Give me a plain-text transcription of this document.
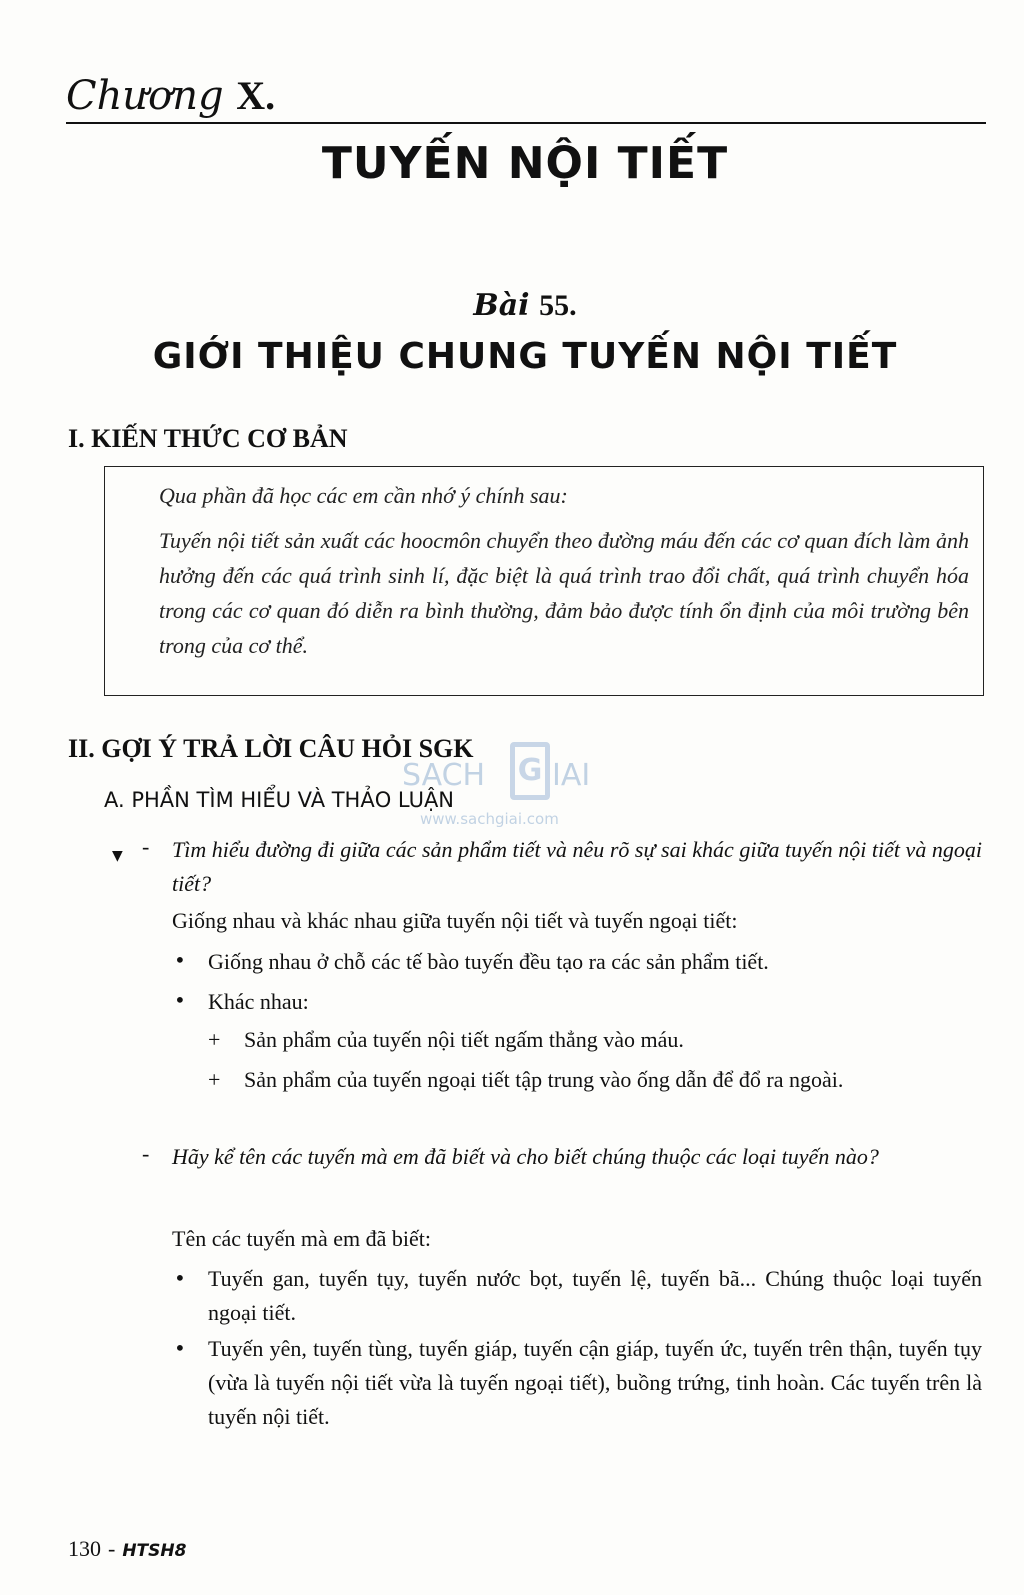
Chương X.
TUYẾN NỘI TIẾT
Bài 55.
GIỚI THIỆU CHUNG TUYẾN NỘI TIẾT
I. KIẾN THỨC CƠ BẢN

Qua phần đã học các em cần nhớ ý chính sau:

Tuyến nội tiết sản xuất các hoocmôn chuyển theo đường máu đến các cơ quan đích làm ảnh hưởng đến các quá trình sinh lí, đặc biệt là quá trình trao đổi chất, quá trình chuyển hóa trong các cơ quan đó diễn ra bình thường, đảm bảo được tính ổn định của môi trường bên trong của cơ thể.

II. GỢI Ý TRẢ LỜI CÂU HỎI SGK
A. PHẦN TÌM HIỂU VÀ THẢO LUẬN
SACH G IAI
www.sachgiai.com
▼ - Tìm hiểu đường đi giữa các sản phẩm tiết và nêu rõ sự sai khác giữa tuyến nội tiết và ngoại tiết?
Giống nhau và khác nhau giữa tuyến nội tiết và tuyến ngoại tiết:
• Giống nhau ở chỗ các tế bào tuyến đều tạo ra các sản phẩm tiết.
• Khác nhau:
+ Sản phẩm của tuyến nội tiết ngấm thẳng vào máu.
+ Sản phẩm của tuyến ngoại tiết tập trung vào ống dẫn để đổ ra ngoài.
- Hãy kể tên các tuyến mà em đã biết và cho biết chúng thuộc các loại tuyến nào?
Tên các tuyến mà em đã biết:
• Tuyến gan, tuyến tụy, tuyến nước bọt, tuyến lệ, tuyến bã... Chúng thuộc loại tuyến ngoại tiết.
• Tuyến yên, tuyến tùng, tuyến giáp, tuyến cận giáp, tuyến ức, tuyến trên thận, tuyến tụy (vừa là tuyến nội tiết vừa là tuyến ngoại tiết), buồng trứng, tinh hoàn. Các tuyến trên là tuyến nội tiết.
130 - HTSH8
